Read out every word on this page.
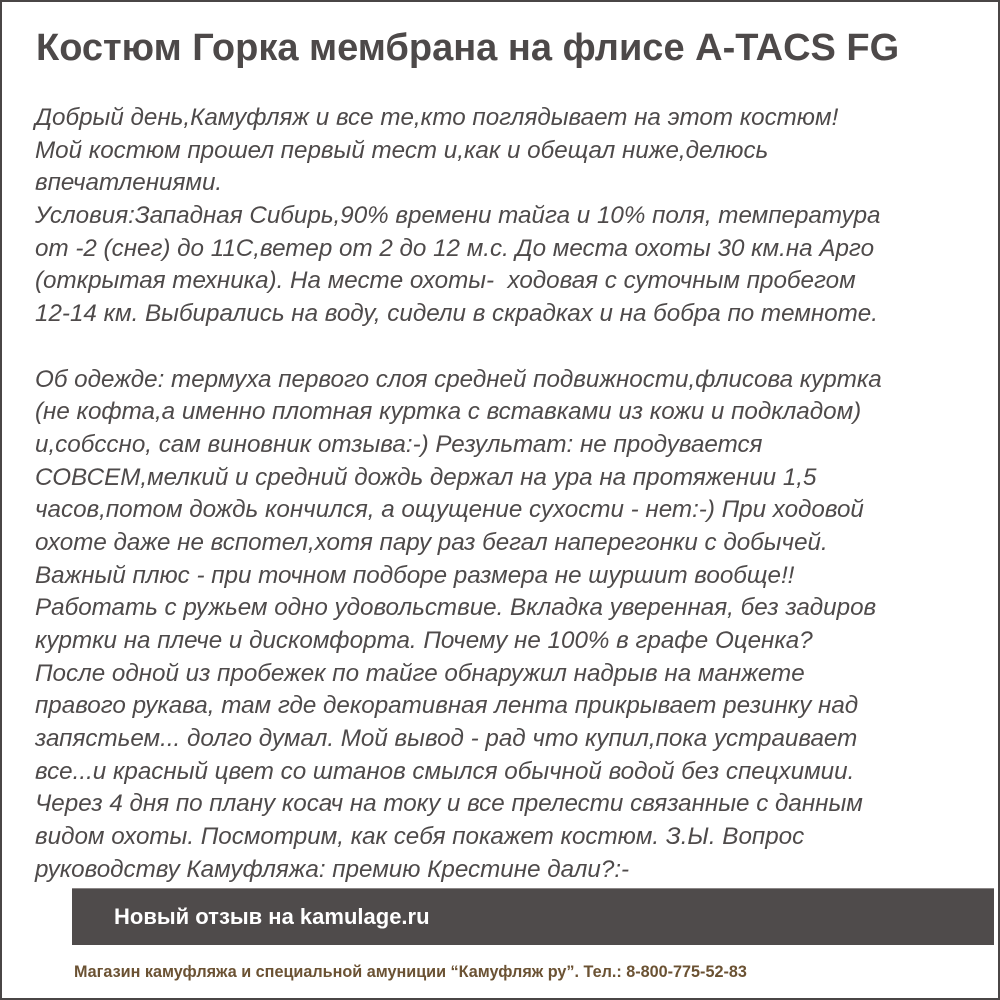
Костюм Горка мембрана на флисе A-TACS FG
Добрый день,Камуфляж и все те,кто поглядывает на этот костюм!
Мой костюм прошел первый тест и,как и обещал ниже,делюсь
впечатлениями.
Условия:Западная Сибирь,90% времени тайга и 10% поля, температура
от -2 (снег) до 11С,ветер от 2 до 12 м.с. До места охоты 30 км.на Арго
(открытая техника). На месте охоты-  ходовая с суточным пробегом
12-14 км. Выбирались на воду, сидели в скрадках и на бобра по темноте.
Об одежде: термуха первого слоя средней подвижности,флисова куртка
(не кофта,а именно плотная куртка с вставками из кожи и подкладом)
и,собссно, сам виновник отзыва:-) Результат: не продувается
СОВСЕМ,мелкий и средний дождь держал на ура на протяжении 1,5
часов,потом дождь кончился, а ощущение сухости - нет:-) При ходовой
охоте даже не вспотел,хотя пару раз бегал наперегонки с добычей.
Важный плюс - при точном подборе размера не шуршит вообще!!
Работать с ружьем одно удовольствие. Вкладка уверенная, без задиров
куртки на плече и дискомфорта. Почему не 100% в графе Оценка?
После одной из пробежек по тайге обнаружил надрыв на манжете
правого рукава, там где декоративная лента прикрывает резинку над
запястьем... долго думал. Мой вывод - рад что купил,пока устраивает
все...и красный цвет со штанов смылся обычной водой без спецхимии.
Через 4 дня по плану косач на току и все прелести связанные с данным
видом охоты. Посмотрим, как себя покажет костюм. З.Ы. Вопрос
руководству Камуфляжа: премию Крестине дали?:-
Новый отзыв на kamulage.ru
Магазин камуфляжа и специальной амуниции “Камуфляж ру”. Тел.: 8-800-775-52-83
